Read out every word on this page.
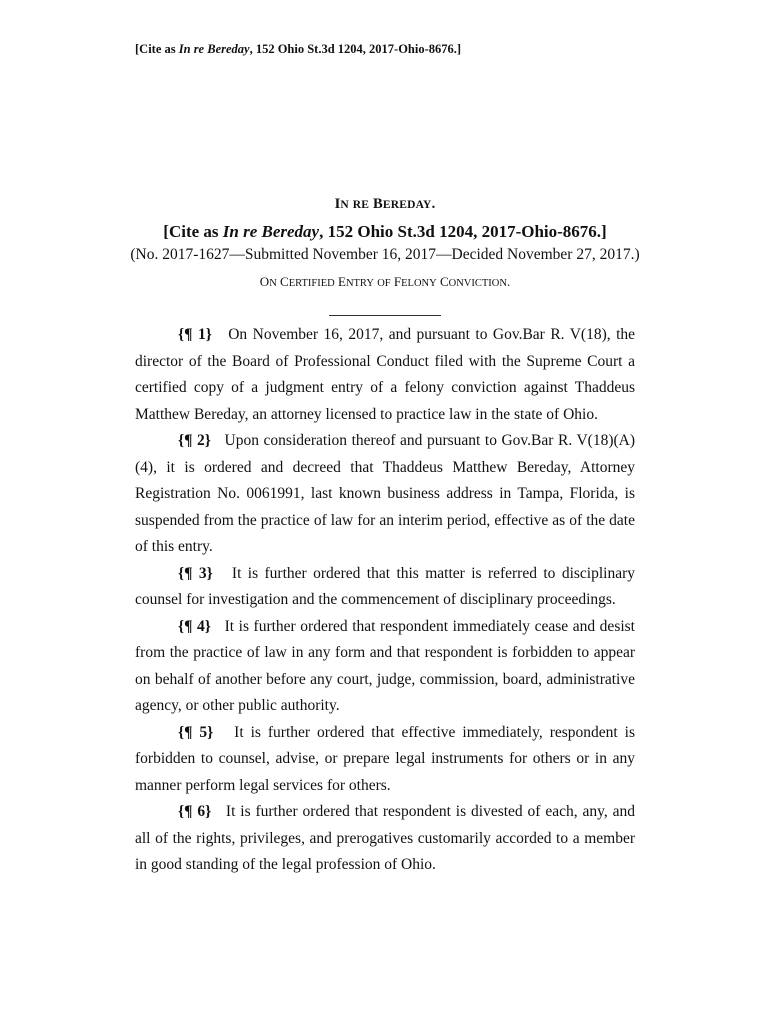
[Cite as In re Bereday, 152 Ohio St.3d 1204, 2017-Ohio-8676.]
IN RE BEREDAY.
[Cite as In re Bereday, 152 Ohio St.3d 1204, 2017-Ohio-8676.]
(No. 2017-1627—Submitted November 16, 2017—Decided November 27, 2017.)
ON CERTIFIED ENTRY OF FELONY CONVICTION.

{¶ 1} On November 16, 2017, and pursuant to Gov.Bar R. V(18), the director of the Board of Professional Conduct filed with the Supreme Court a certified copy of a judgment entry of a felony conviction against Thaddeus Matthew Bereday, an attorney licensed to practice law in the state of Ohio.

{¶ 2} Upon consideration thereof and pursuant to Gov.Bar R. V(18)(A)(4), it is ordered and decreed that Thaddeus Matthew Bereday, Attorney Registration No. 0061991, last known business address in Tampa, Florida, is suspended from the practice of law for an interim period, effective as of the date of this entry.

{¶ 3} It is further ordered that this matter is referred to disciplinary counsel for investigation and the commencement of disciplinary proceedings.

{¶ 4} It is further ordered that respondent immediately cease and desist from the practice of law in any form and that respondent is forbidden to appear on behalf of another before any court, judge, commission, board, administrative agency, or other public authority.

{¶ 5} It is further ordered that effective immediately, respondent is forbidden to counsel, advise, or prepare legal instruments for others or in any manner perform legal services for others.

{¶ 6} It is further ordered that respondent is divested of each, any, and all of the rights, privileges, and prerogatives customarily accorded to a member in good standing of the legal profession of Ohio.
